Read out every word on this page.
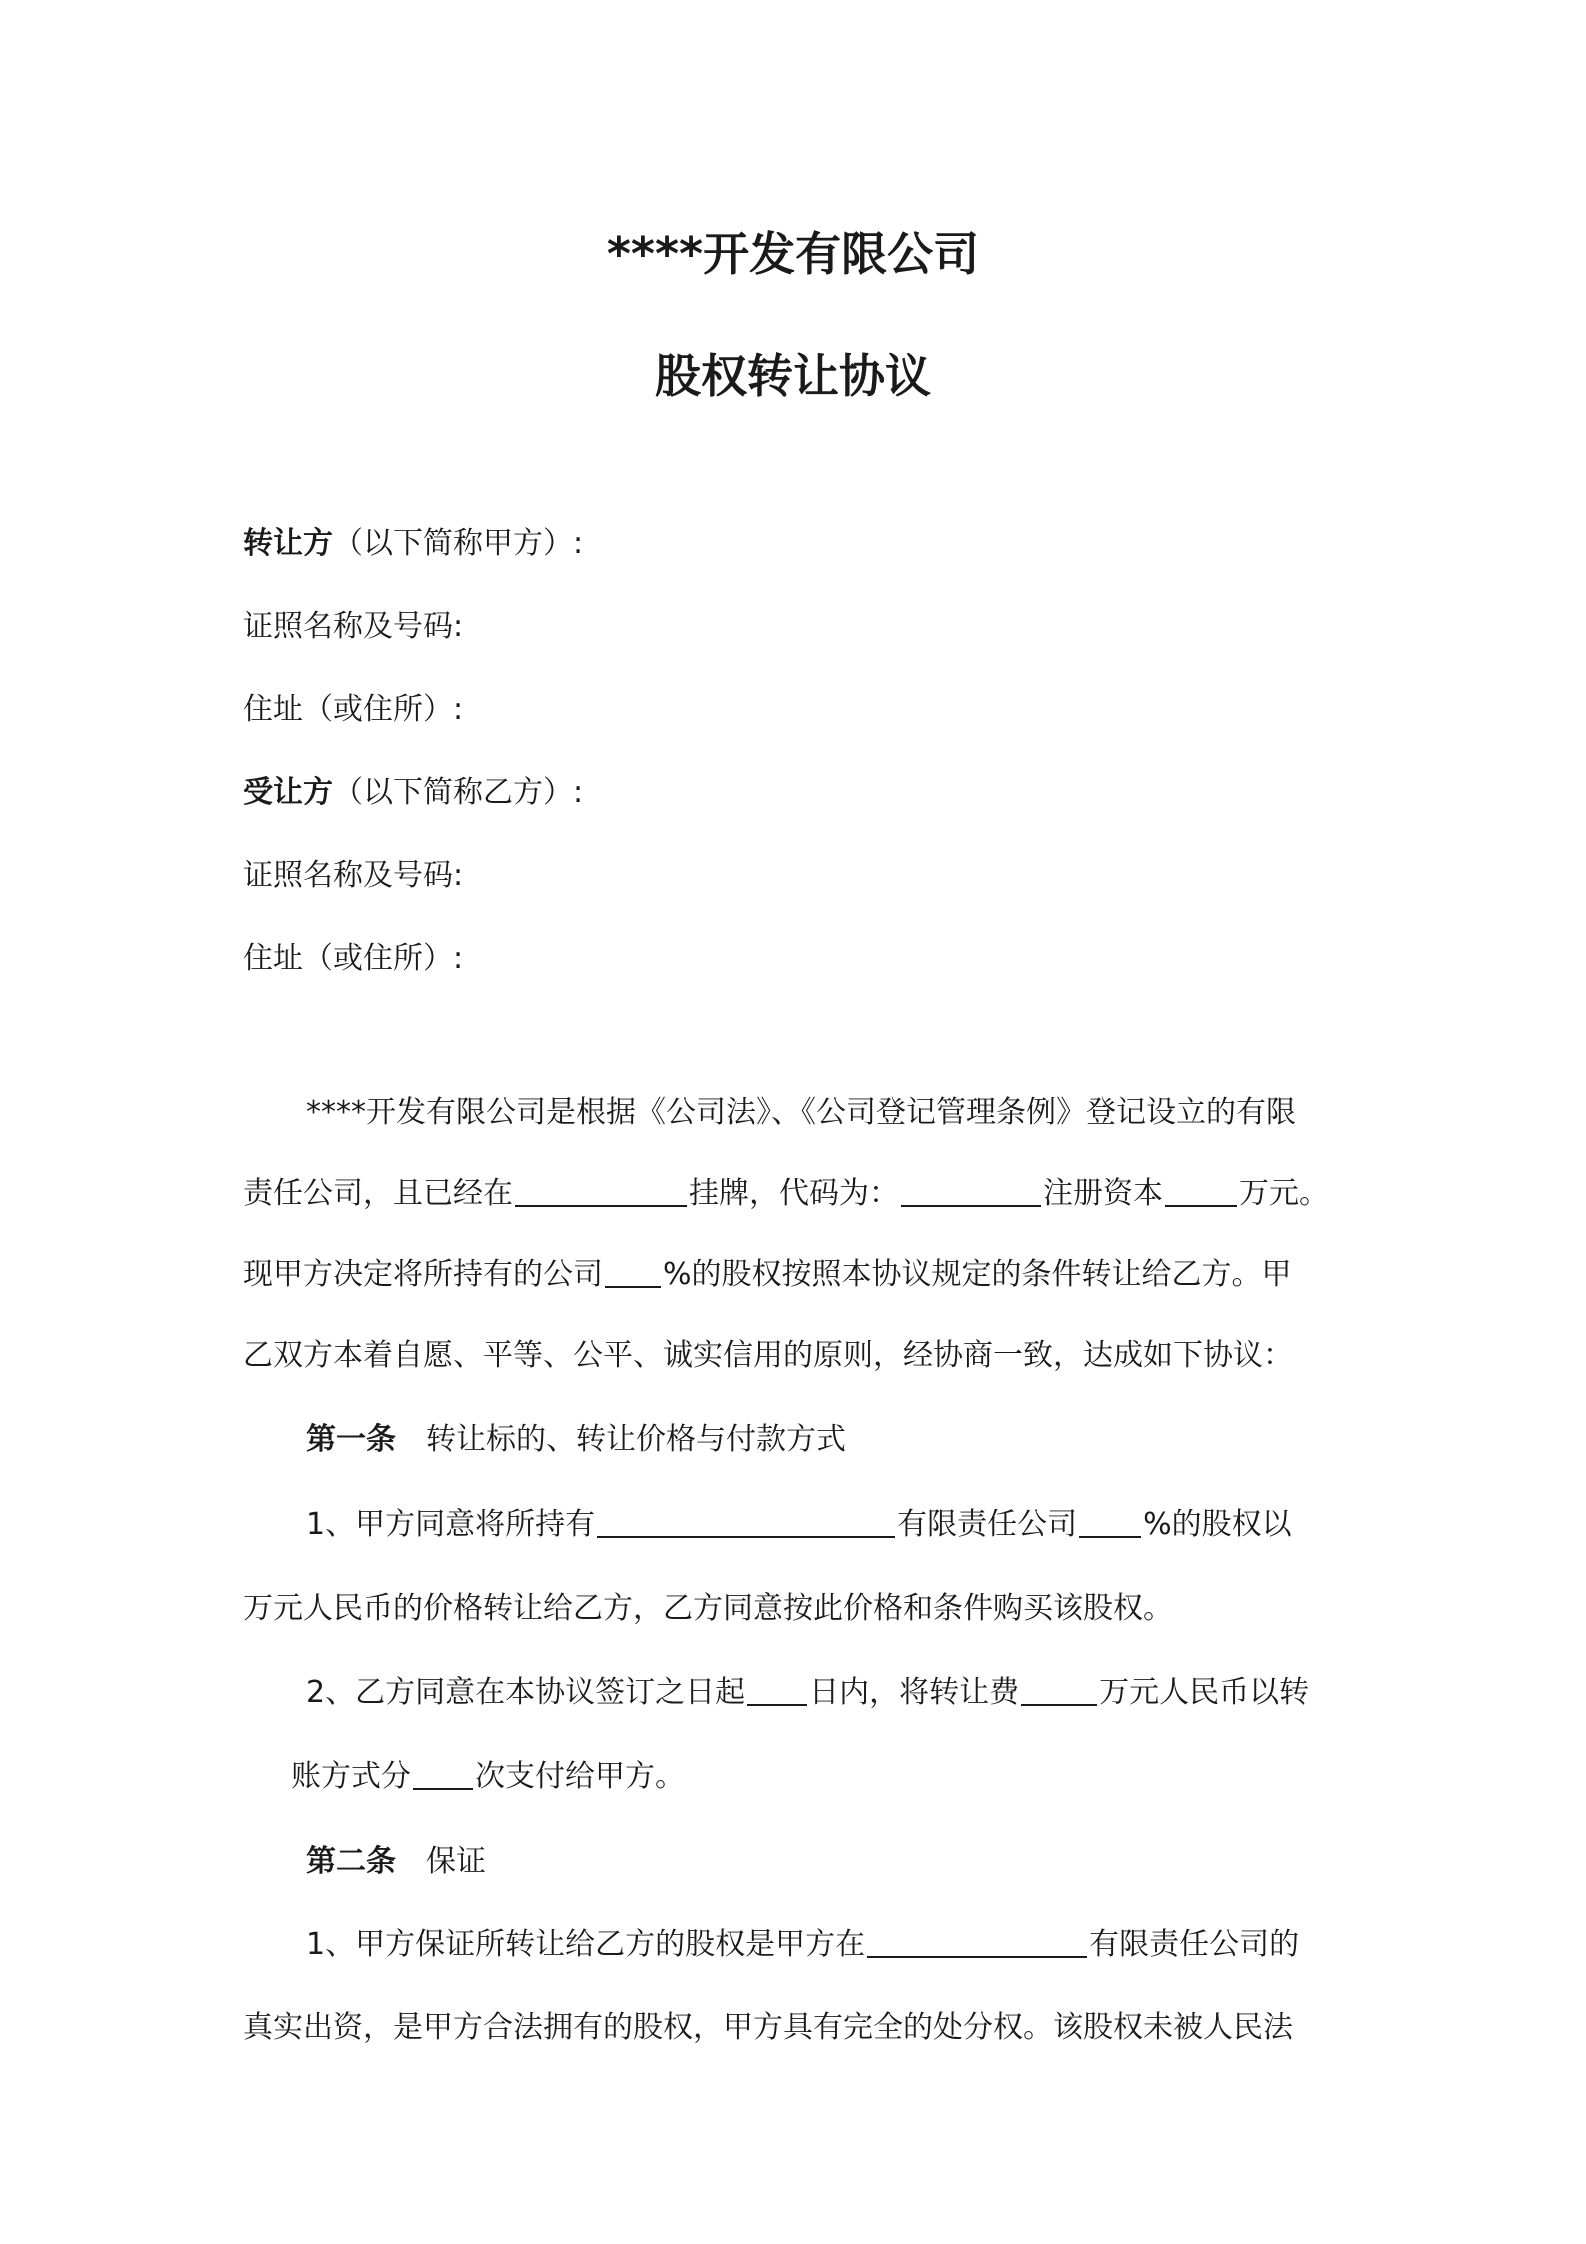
****开发有限公司
股权转让协议

转让方（以下简称甲方）:

证照名称及号码:

住址（或住所）:

受让方（以下简称乙方）:

证照名称及号码:

住址（或住所）:

****开发有限公司是根据《公司法》、《公司登记管理条例》登记设立的有限

责任公司，且已经在	挂牌，代码为：	注册资本	万元。

现甲方决定将所持有的公司 %的股权按照本协议规定的条件转让给乙方。甲

乙双方本着自愿、平等、公平、诚实信用的原则，经协商一致，达成如下协议：

第一条 转让标的、转让价格与付款方式

1、甲方同意将所持有	有限责任公司 %的股权以

万元人民币的价格转让给乙方，乙方同意按此价格和条件购买该股权。

2、乙方同意在本协议签订之日起 日内，将转让费	万元人民币以转

账方式分 次支付给甲方。

第二条 保证

1、甲方保证所转让给乙方的股权是甲方在	有限责任公司的

真实出资，是甲方合法拥有的股权，甲方具有完全的处分权。该股权未被人民法
